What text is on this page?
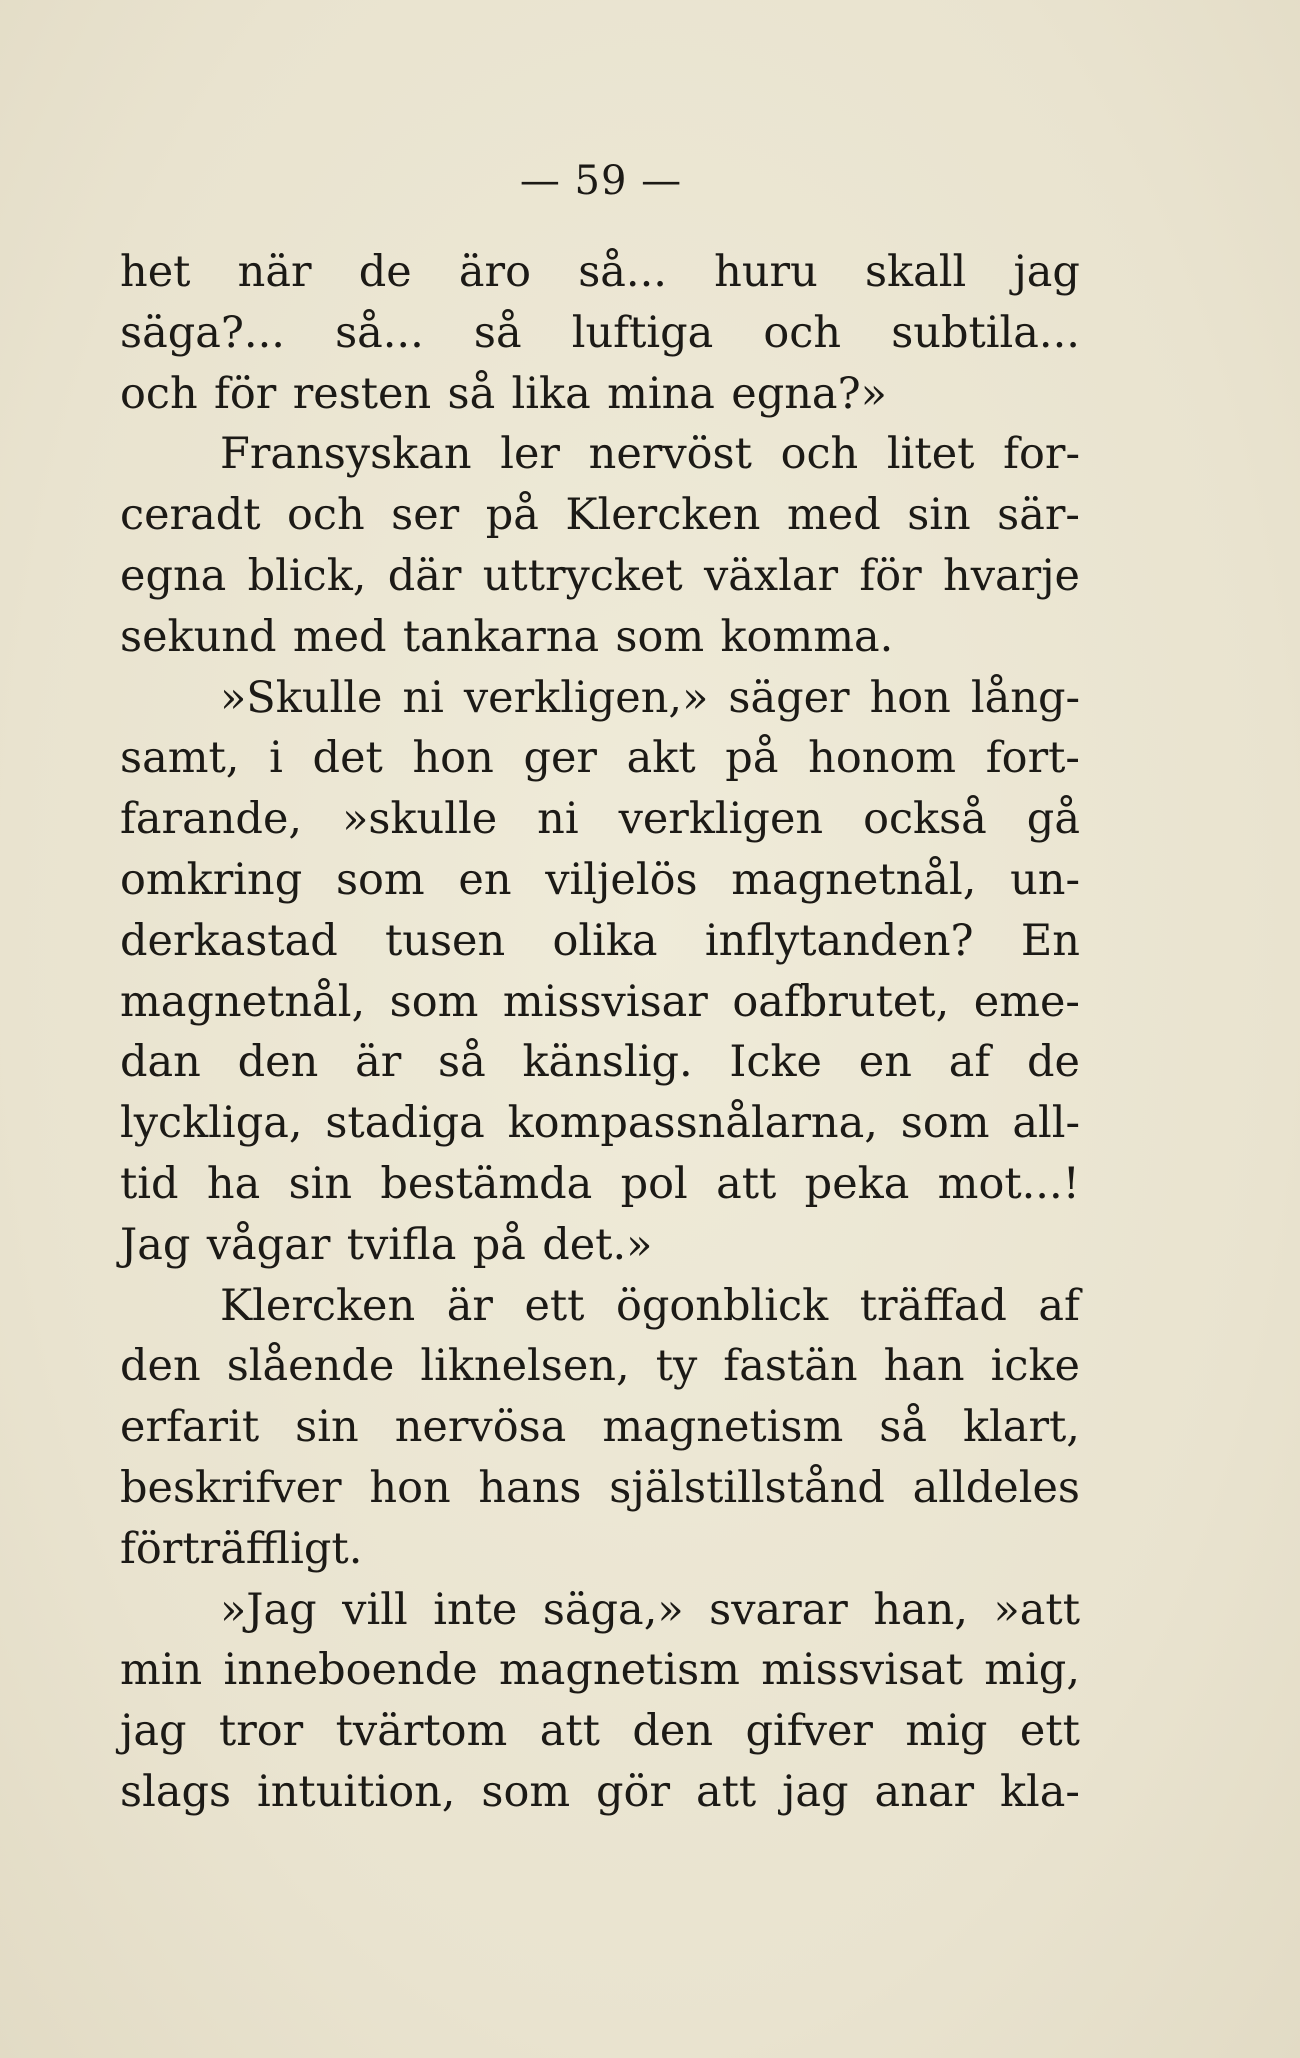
— 59 —
het när de äro så... huru skall jag
säga?... så... så luftiga och subtila...
och för resten så lika mina egna?»
Fransyskan ler nervöst och litet for-
ceradt och ser på Klercken med sin sär-
egna blick, där uttrycket växlar för hvarje
sekund med tankarna som komma.
»Skulle ni verkligen,» säger hon lång-
samt, i det hon ger akt på honom fort-
farande, »skulle ni verkligen också gå
omkring som en viljelös magnetnål, un-
derkastad tusen olika inflytanden? En
magnetnål, som missvisar oafbrutet, eme-
dan den är så känslig. Icke en af de
lyckliga, stadiga kompassnålarna, som all-
tid ha sin bestämda pol att peka mot...!
Jag vågar tvifla på det.»
Klercken är ett ögonblick träffad af
den slående liknelsen, ty fastän han icke
erfarit sin nervösa magnetism så klart,
beskrifver hon hans själstillstånd alldeles
förträffligt.
»Jag vill inte säga,» svarar han, »att
min inneboende magnetism missvisat mig,
jag tror tvärtom att den gifver mig ett
slags intuition, som gör att jag anar kla-
